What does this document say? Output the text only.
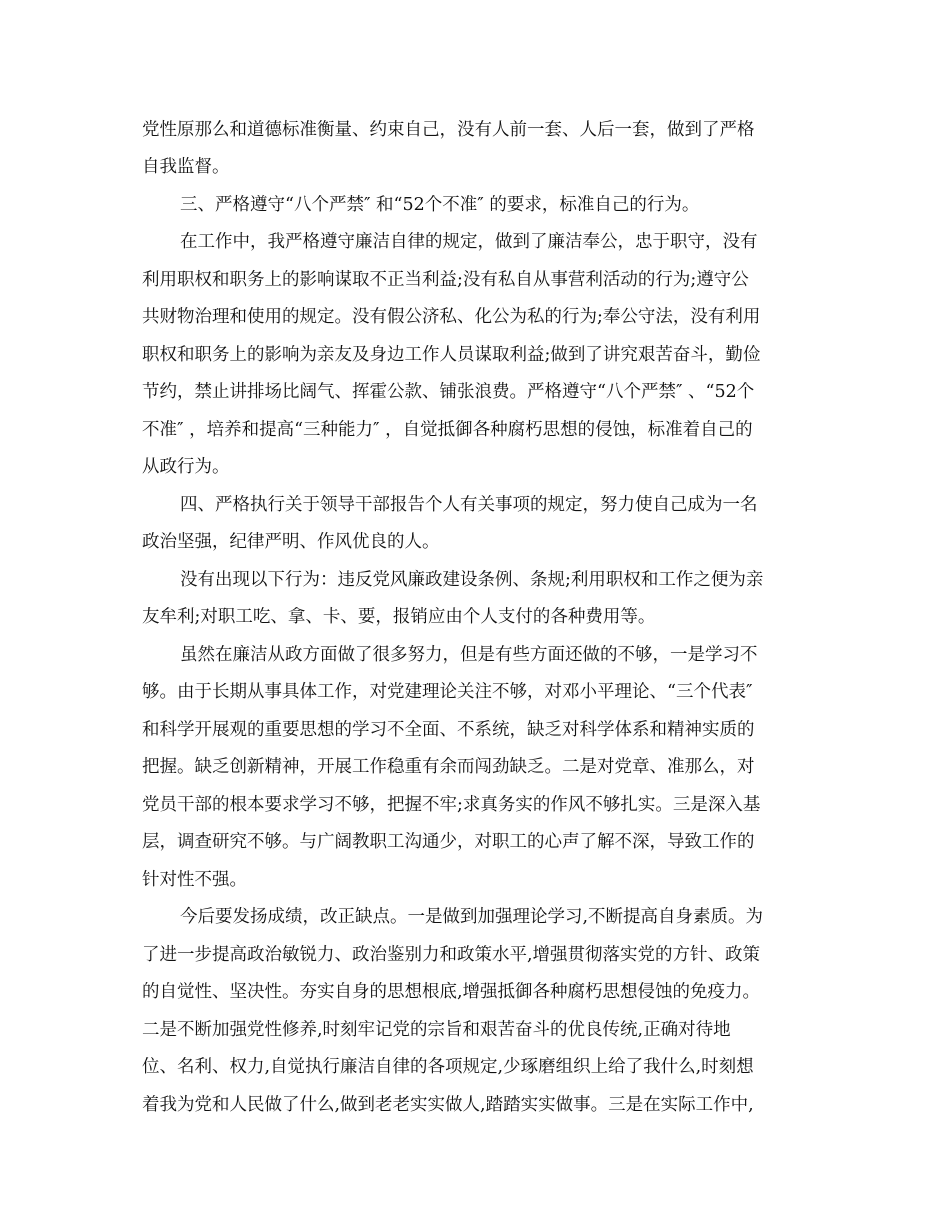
党性原那么和道德标准衡量、约束自己，没有人前一套、人后一套，做到了严格
自我监督。
三、严格遵守“八个严禁″ 和“52个不准″ 的要求，标准自己的行为。
在工作中，我严格遵守廉洁自律的规定，做到了廉洁奉公，忠于职守，没有
利用职权和职务上的影响谋取不正当利益;没有私自从事营利活动的行为;遵守公
共财物治理和使用的规定。没有假公济私、化公为私的行为;奉公守法，没有利用
职权和职务上的影响为亲友及身边工作人员谋取利益;做到了讲究艰苦奋斗，勤俭
节约，禁止讲排场比阔气、挥霍公款、铺张浪费。严格遵守“八个严禁″ 、“52个
不准″ ，培养和提高“三种能力″ ，自觉抵御各种腐朽思想的侵蚀，标准着自己的
从政行为。
四、严格执行关于领导干部报告个人有关事项的规定，努力使自己成为一名
政治坚强，纪律严明、作风优良的人。
没有出现以下行为：违反党风廉政建设条例、条规;利用职权和工作之便为亲
友牟利;对职工吃、拿、卡、要，报销应由个人支付的各种费用等。
虽然在廉洁从政方面做了很多努力，但是有些方面还做的不够，一是学习不
够。由于长期从事具体工作，对党建理论关注不够，对邓小平理论、“三个代表″
和科学开展观的重要思想的学习不全面、不系统，缺乏对科学体系和精神实质的
把握。缺乏创新精神，开展工作稳重有余而闯劲缺乏。二是对党章、准那么，对
党员干部的根本要求学习不够，把握不牢;求真务实的作风不够扎实。三是深入基
层，调查研究不够。与广阔教职工沟通少，对职工的心声了解不深，导致工作的
针对性不强。
今后要发扬成绩，改正缺点。一是做到加强理论学习,不断提高自身素质。为
了进一步提高政治敏锐力、政治鉴别力和政策水平,增强贯彻落实党的方针、政策
的自觉性、坚决性。夯实自身的思想根底,增强抵御各种腐朽思想侵蚀的免疫力。
二是不断加强党性修养,时刻牢记党的宗旨和艰苦奋斗的优良传统,正确对待地
位、名利、权力,自觉执行廉洁自律的各项规定,少琢磨组织上给了我什么,时刻想
着我为党和人民做了什么,做到老老实实做人,踏踏实实做事。三是在实际工作中,
